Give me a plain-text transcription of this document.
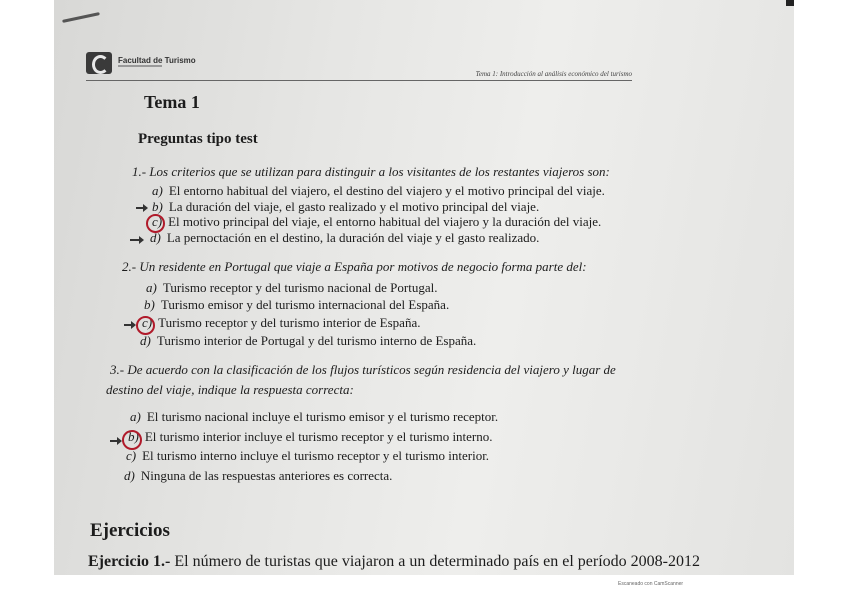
Facultad de Turismo
Tema 1: Introducción al análisis económico del turismo
Tema 1
Preguntas tipo test
1.- Los criterios que se utilizan para distinguir a los visitantes de los restantes viajeros son:
a) El entorno habitual del viajero, el destino del viajero y el motivo principal del viaje.
b) La duración del viaje, el gasto realizado y el motivo principal del viaje.
c) El motivo principal del viaje, el entorno habitual del viajero y la duración del viaje.
d) La pernoctación en el destino, la duración del viaje y el gasto realizado.
2.- Un residente en Portugal que viaje a España por motivos de negocio forma parte del:
a) Turismo receptor y del turismo nacional de Portugal.
b) Turismo emisor y del turismo internacional del España.
c) Turismo receptor y del turismo interior de España.
d) Turismo interior de Portugal y del turismo interno de España.
3.- De acuerdo con la clasificación de los flujos turísticos según residencia del viajero y lugar de
destino del viaje, indique la respuesta correcta:
a) El turismo nacional incluye el turismo emisor y el turismo receptor.
b) El turismo interior incluye el turismo receptor y el turismo interno.
c) El turismo interno incluye el turismo receptor y el turismo interior.
d) Ninguna de las respuestas anteriores es correcta.
Ejercicios
Ejercicio 1.- El número de turistas que viajaron a un determinado país en el período 2008-2012
Escaneado con CamScanner
